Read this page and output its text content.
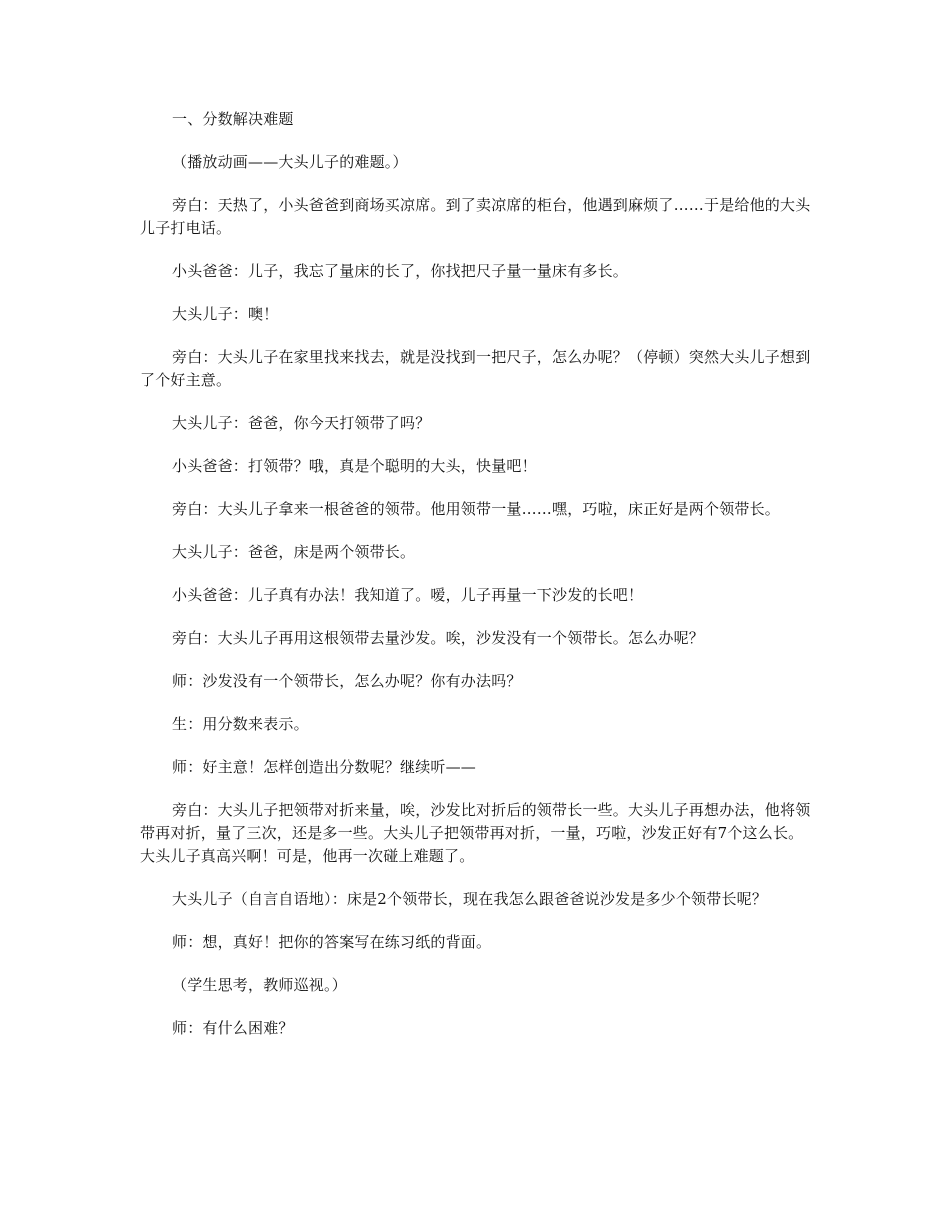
一、分数解决难题

（播放动画——大头儿子的难题。）

旁白：天热了，小头爸爸到商场买凉席。到了卖凉席的柜台，他遇到麻烦了……于是给他的大头儿子打电话。

小头爸爸：儿子，我忘了量床的长了，你找把尺子量一量床有多长。

大头儿子：噢！

旁白：大头儿子在家里找来找去，就是没找到一把尺子，怎么办呢？（停顿）突然大头儿子想到了个好主意。

大头儿子：爸爸，你今天打领带了吗？

小头爸爸：打领带？哦，真是个聪明的大头，快量吧！

旁白：大头儿子拿来一根爸爸的领带。他用领带一量……嘿，巧啦，床正好是两个领带长。

大头儿子：爸爸，床是两个领带长。

小头爸爸：儿子真有办法！我知道了。嗳，儿子再量一下沙发的长吧！

旁白：大头儿子再用这根领带去量沙发。唉，沙发没有一个领带长。怎么办呢？

师：沙发没有一个领带长，怎么办呢？你有办法吗？

生：用分数来表示。

师：好主意！怎样创造出分数呢？继续听——

旁白：大头儿子把领带对折来量，唉，沙发比对折后的领带长一些。大头儿子再想办法，他将领带再对折，量了三次，还是多一些。大头儿子把领带再对折，一量，巧啦，沙发正好有7个这么长。大头儿子真高兴啊！可是，他再一次碰上难题了。

大头儿子（自言自语地）：床是2个领带长，现在我怎么跟爸爸说沙发是多少个领带长呢？

师：想，真好！把你的答案写在练习纸的背面。

（学生思考，教师巡视。）

师：有什么困难？
